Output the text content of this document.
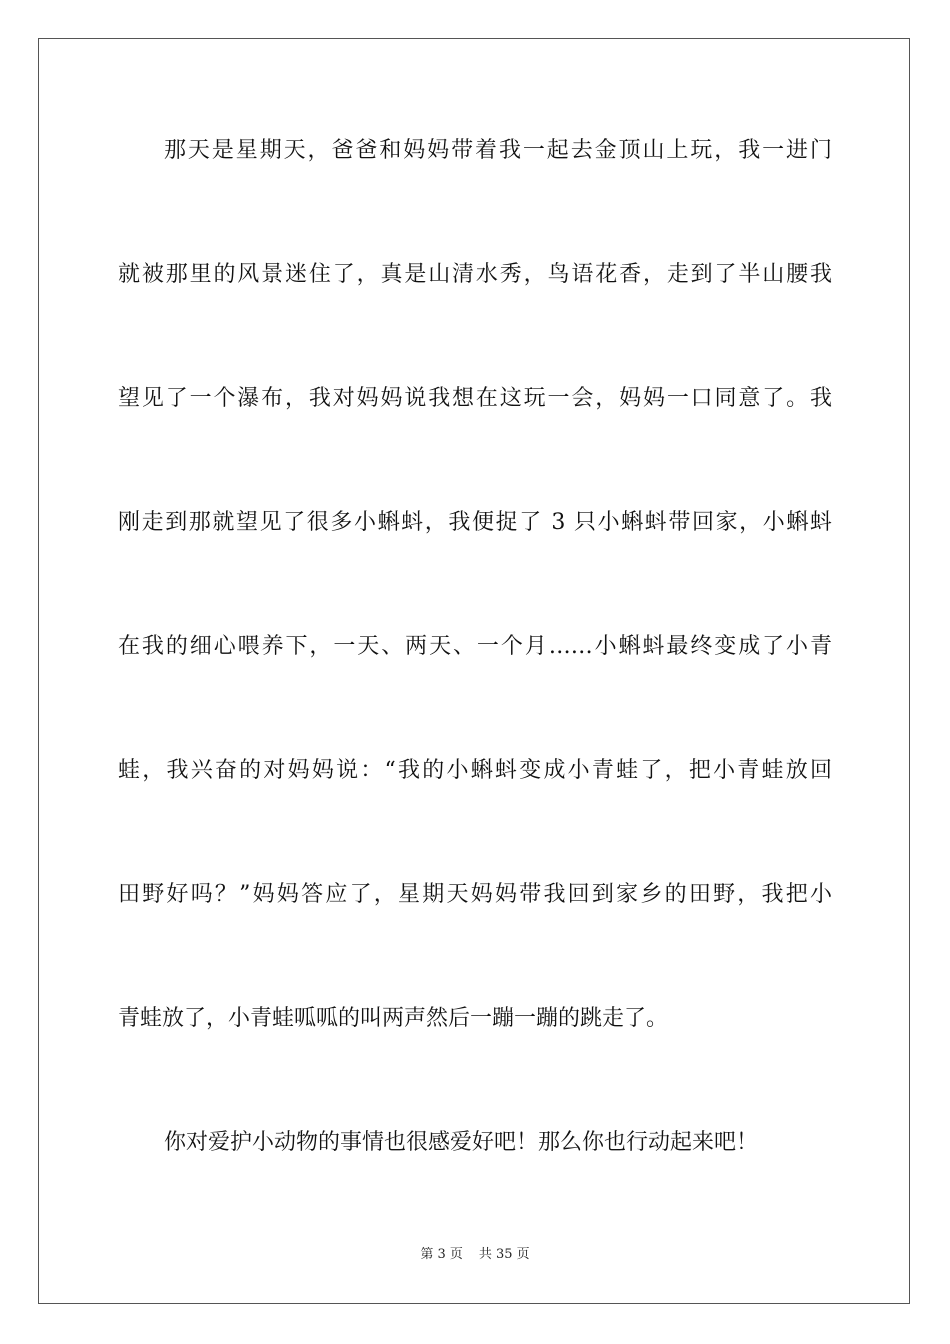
那天是星期天，爸爸和妈妈带着我一起去金顶山上玩，我一进门
就被那里的风景迷住了，真是山清水秀，鸟语花香，走到了半山腰我
望见了一个瀑布，我对妈妈说我想在这玩一会，妈妈一口同意了。我
刚走到那就望见了很多小蝌蚪，我便捉了 3 只小蝌蚪带回家，小蝌蚪
在我的细心喂养下，一天、两天、一个月……小蝌蚪最终变成了小青
蛙，我兴奋的对妈妈说：“我的小蝌蚪变成小青蛙了，把小青蛙放回
田野好吗？”妈妈答应了，星期天妈妈带我回到家乡的田野，我把小
青蛙放了，小青蛙呱呱的叫两声然后一蹦一蹦的跳走了。
你对爱护小动物的事情也很感爱好吧！那么你也行动起来吧！
第 3 页 共 35 页
